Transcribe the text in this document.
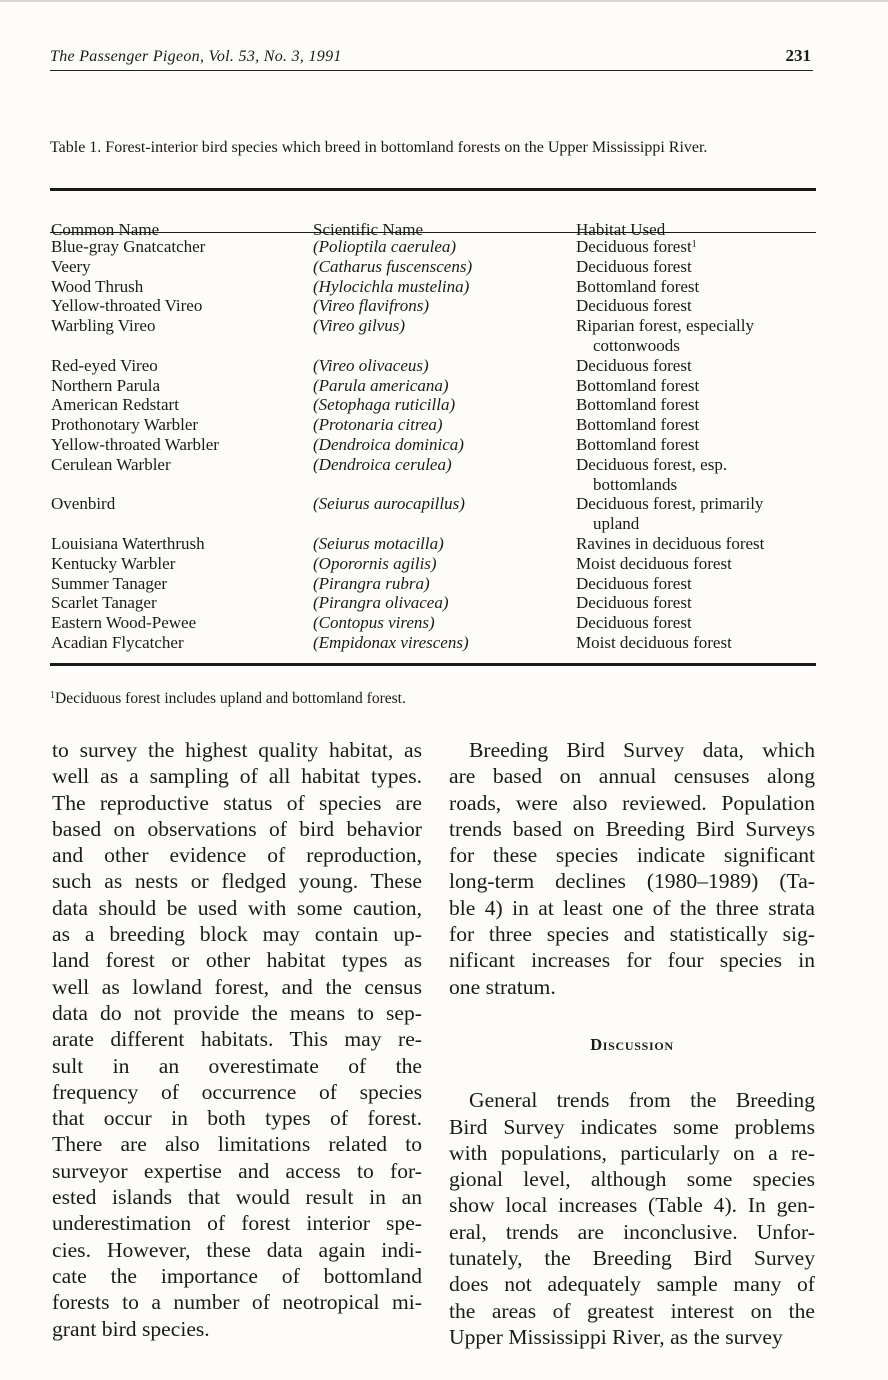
The Passenger Pigeon, Vol. 53, No. 3, 1991	231
Table 1. Forest-interior bird species which breed in bottomland forests on the Upper Mississippi River.
Common Name	Scientific Name	Habitat Used
Blue-gray Gnatcatcher	(Polioptila caerulea)	Deciduous forest$^1$
Veery	(Catharus fuscenscens)	Deciduous forest
Wood Thrush	(Hylocichla mustelina)	Bottomland forest
Yellow-throated Vireo	(Vireo flavifrons)	Deciduous forest
Warbling Vireo	(Vireo gilvus)	Riparian forest, especially
cottonwoods
Red-eyed Vireo	(Vireo olivaceus)	Deciduous forest
Northern Parula	(Parula americana)	Bottomland forest
American Redstart	(Setophaga ruticilla)	Bottomland forest
Prothonotary Warbler	(Protonaria citrea)	Bottomland forest
Yellow-throated Warbler	(Dendroica dominica)	Bottomland forest
Cerulean Warbler	(Dendroica cerulea)	Deciduous forest, esp.
bottomlands
Ovenbird	(Seiurus aurocapillus)	Deciduous forest, primarily
upland
Louisiana Waterthrush	(Seiurus motacilla)	Ravines in deciduous forest
Kentucky Warbler	(Oporornis agilis)	Moist deciduous forest
Summer Tanager	(Pirangra rubra)	Deciduous forest
Scarlet Tanager	(Pirangra olivacea)	Deciduous forest
Eastern Wood-Pewee	(Contopus virens)	Deciduous forest
Acadian Flycatcher	(Empidonax virescens)	Moist deciduous forest
$^1$Deciduous forest includes upland and bottomland forest.
to survey the highest quality habitat, as
well as a sampling of all habitat types.
The reproductive status of species are
based on observations of bird behavior
and other evidence of reproduction,
such as nests or fledged young. These
data should be used with some caution,
as a breeding block may contain up-
land forest or other habitat types as
well as lowland forest, and the census
data do not provide the means to sep-
arate different habitats. This may re-
sult in an overestimate of the
frequency of occurrence of species
that occur in both types of forest.
There are also limitations related to
surveyor expertise and access to for-
ested islands that would result in an
underestimation of forest interior spe-
cies. However, these data again indi-
cate the importance of bottomland
forests to a number of neotropical mi-
grant bird species.
Breeding Bird Survey data, which
are based on annual censuses along
roads, were also reviewed. Population
trends based on Breeding Bird Surveys
for these species indicate significant
long-term declines (1980–1989) (Ta-
ble 4) in at least one of the three strata
for three species and statistically sig-
nificant increases for four species in
one stratum.
Discussion
General trends from the Breeding
Bird Survey indicates some problems
with populations, particularly on a re-
gional level, although some species
show local increases (Table 4). In gen-
eral, trends are inconclusive. Unfor-
tunately, the Breeding Bird Survey
does not adequately sample many of
the areas of greatest interest on the
Upper Mississippi River, as the survey
